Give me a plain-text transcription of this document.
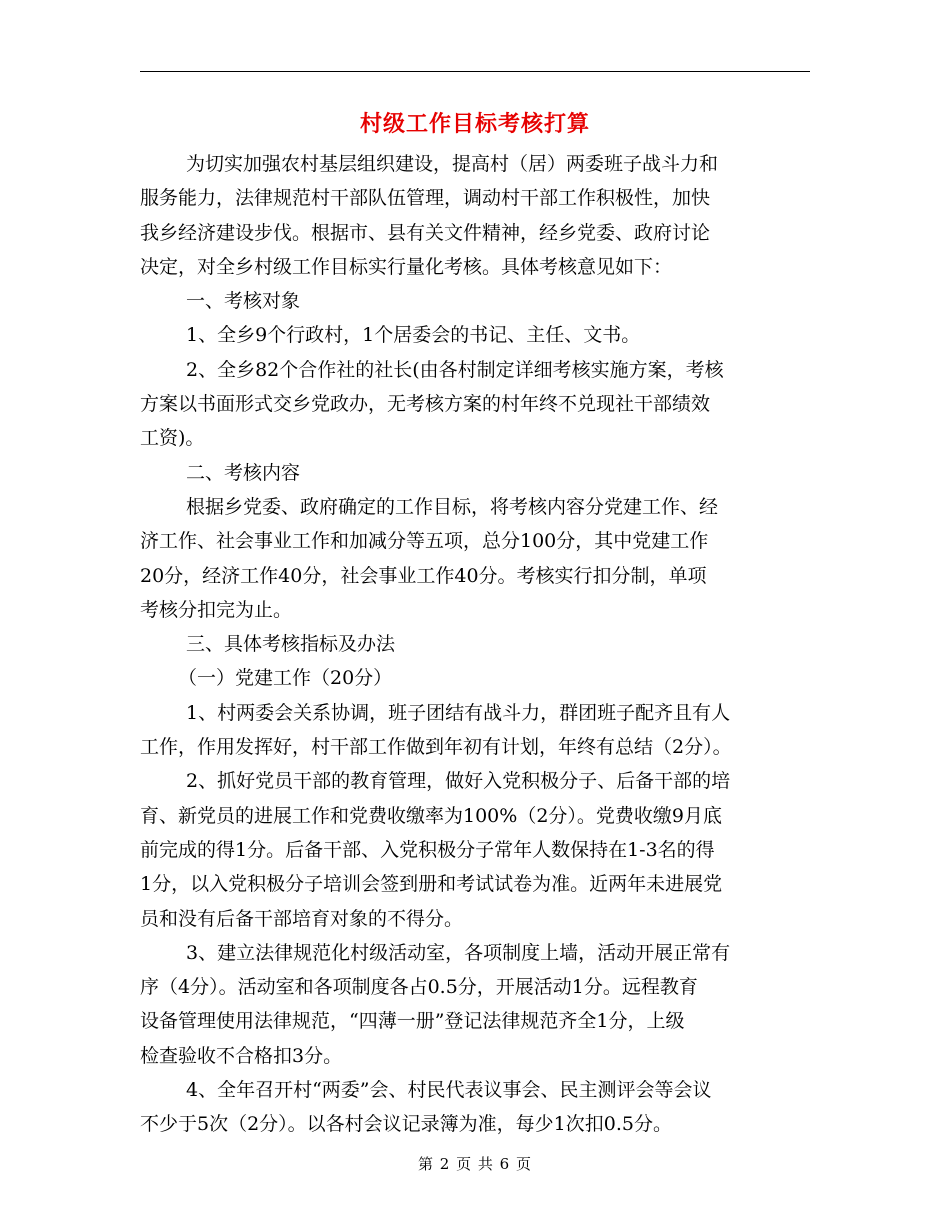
村级工作目标考核打算
为切实加强农村基层组织建设，提高村（居）两委班子战斗力和
服务能力，法律规范村干部队伍管理，调动村干部工作积极性，加快
我乡经济建设步伐。根据市、县有关文件精神，经乡党委、政府讨论
决定，对全乡村级工作目标实行量化考核。具体考核意见如下：
一、考核对象
1、全乡9个行政村，1个居委会的书记、主任、文书。
2、全乡82个合作社的社长(由各村制定详细考核实施方案，考核
方案以书面形式交乡党政办，无考核方案的村年终不兑现社干部绩效
工资)。
二、考核内容
根据乡党委、政府确定的工作目标，将考核内容分党建工作、经
济工作、社会事业工作和加减分等五项，总分100分，其中党建工作
20分，经济工作40分，社会事业工作40分。考核实行扣分制，单项
考核分扣完为止。
三、具体考核指标及办法
（一）党建工作（20分）
1、村两委会关系协调，班子团结有战斗力，群团班子配齐且有人
工作，作用发挥好，村干部工作做到年初有计划，年终有总结（2分）。
2、抓好党员干部的教育管理，做好入党积极分子、后备干部的培
育、新党员的进展工作和党费收缴率为100%（2分）。党费收缴9月底
前完成的得1分。后备干部、入党积极分子常年人数保持在1-3名的得
1分，以入党积极分子培训会签到册和考试试卷为准。近两年未进展党
员和没有后备干部培育对象的不得分。
3、建立法律规范化村级活动室，各项制度上墙，活动开展正常有
序（4分）。活动室和各项制度各占0.5分，开展活动1分。远程教育
设备管理使用法律规范，“四薄一册”登记法律规范齐全1分，上级
检查验收不合格扣3分。
4、全年召开村“两委”会、村民代表议事会、民主测评会等会议
不少于5次（2分）。以各村会议记录簿为准，每少1次扣0.5分。
第 2 页 共 6 页
